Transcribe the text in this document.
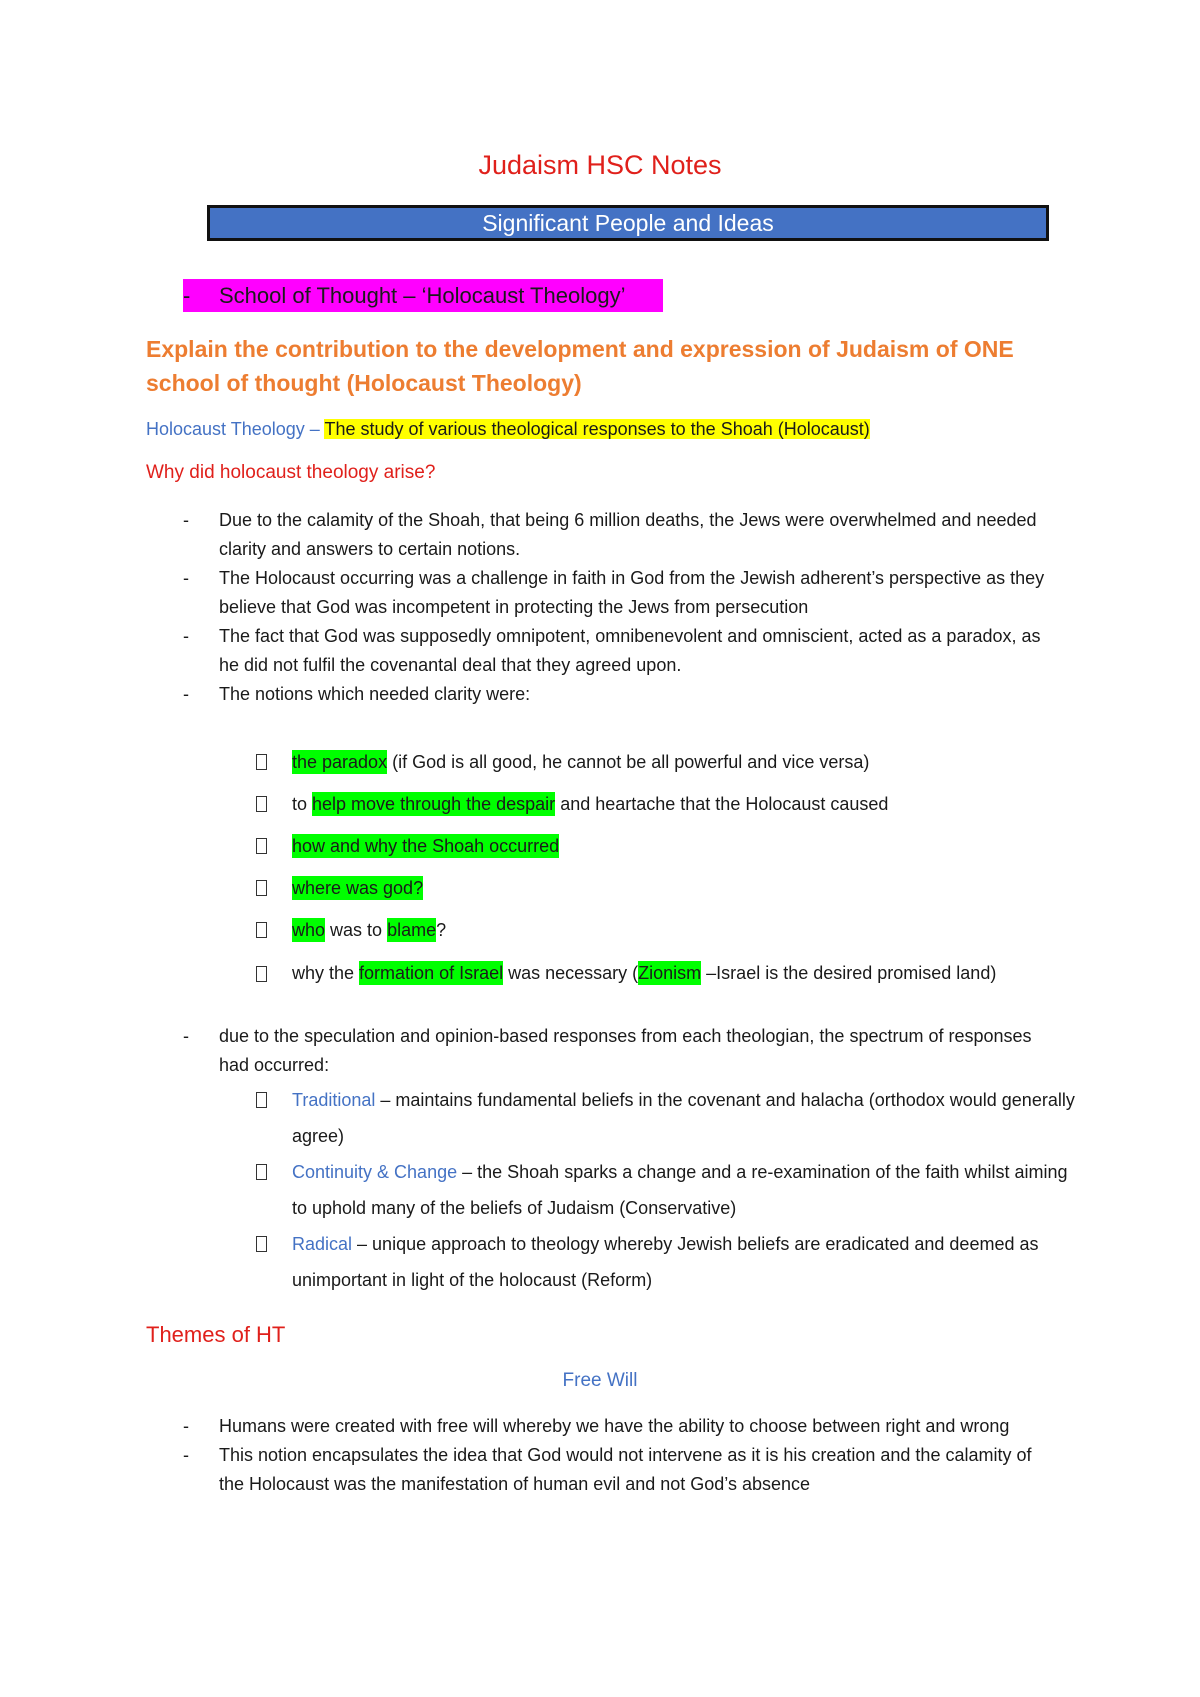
Judaism HSC Notes
Significant People and Ideas
- School of Thought – ‘Holocaust Theology’
Explain the contribution to the development and expression of Judaism of ONE school of thought (Holocaust Theology)
Holocaust Theology – The study of various theological responses to the Shoah (Holocaust)
Why did holocaust theology arise?
- Due to the calamity of the Shoah, that being 6 million deaths, the Jews were overwhelmed and needed clarity and answers to certain notions.
- The Holocaust occurring was a challenge in faith in God from the Jewish adherent’s perspective as they believe that God was incompetent in protecting the Jews from persecution
- The fact that God was supposedly omnipotent, omnibenevolent and omniscient, acted as a paradox, as he did not fulfil the covenantal deal that they agreed upon.
- The notions which needed clarity were:
the paradox (if God is all good, he cannot be all powerful and vice versa)
to help move through the despair and heartache that the Holocaust caused
how and why the Shoah occurred
where was god?
who was to blame?
why the formation of Israel was necessary (Zionism –Israel is the desired promised land)
- due to the speculation and opinion-based responses from each theologian, the spectrum of responses had occurred:
Traditional – maintains fundamental beliefs in the covenant and halacha (orthodox would generally agree)
Continuity & Change – the Shoah sparks a change and a re-examination of the faith whilst aiming to uphold many of the beliefs of Judaism (Conservative)
Radical – unique approach to theology whereby Jewish beliefs are eradicated and deemed as unimportant in light of the holocaust (Reform)
Themes of HT
Free Will
- Humans were created with free will whereby we have the ability to choose between right and wrong
- This notion encapsulates the idea that God would not intervene as it is his creation and the calamity of the Holocaust was the manifestation of human evil and not God’s absence
